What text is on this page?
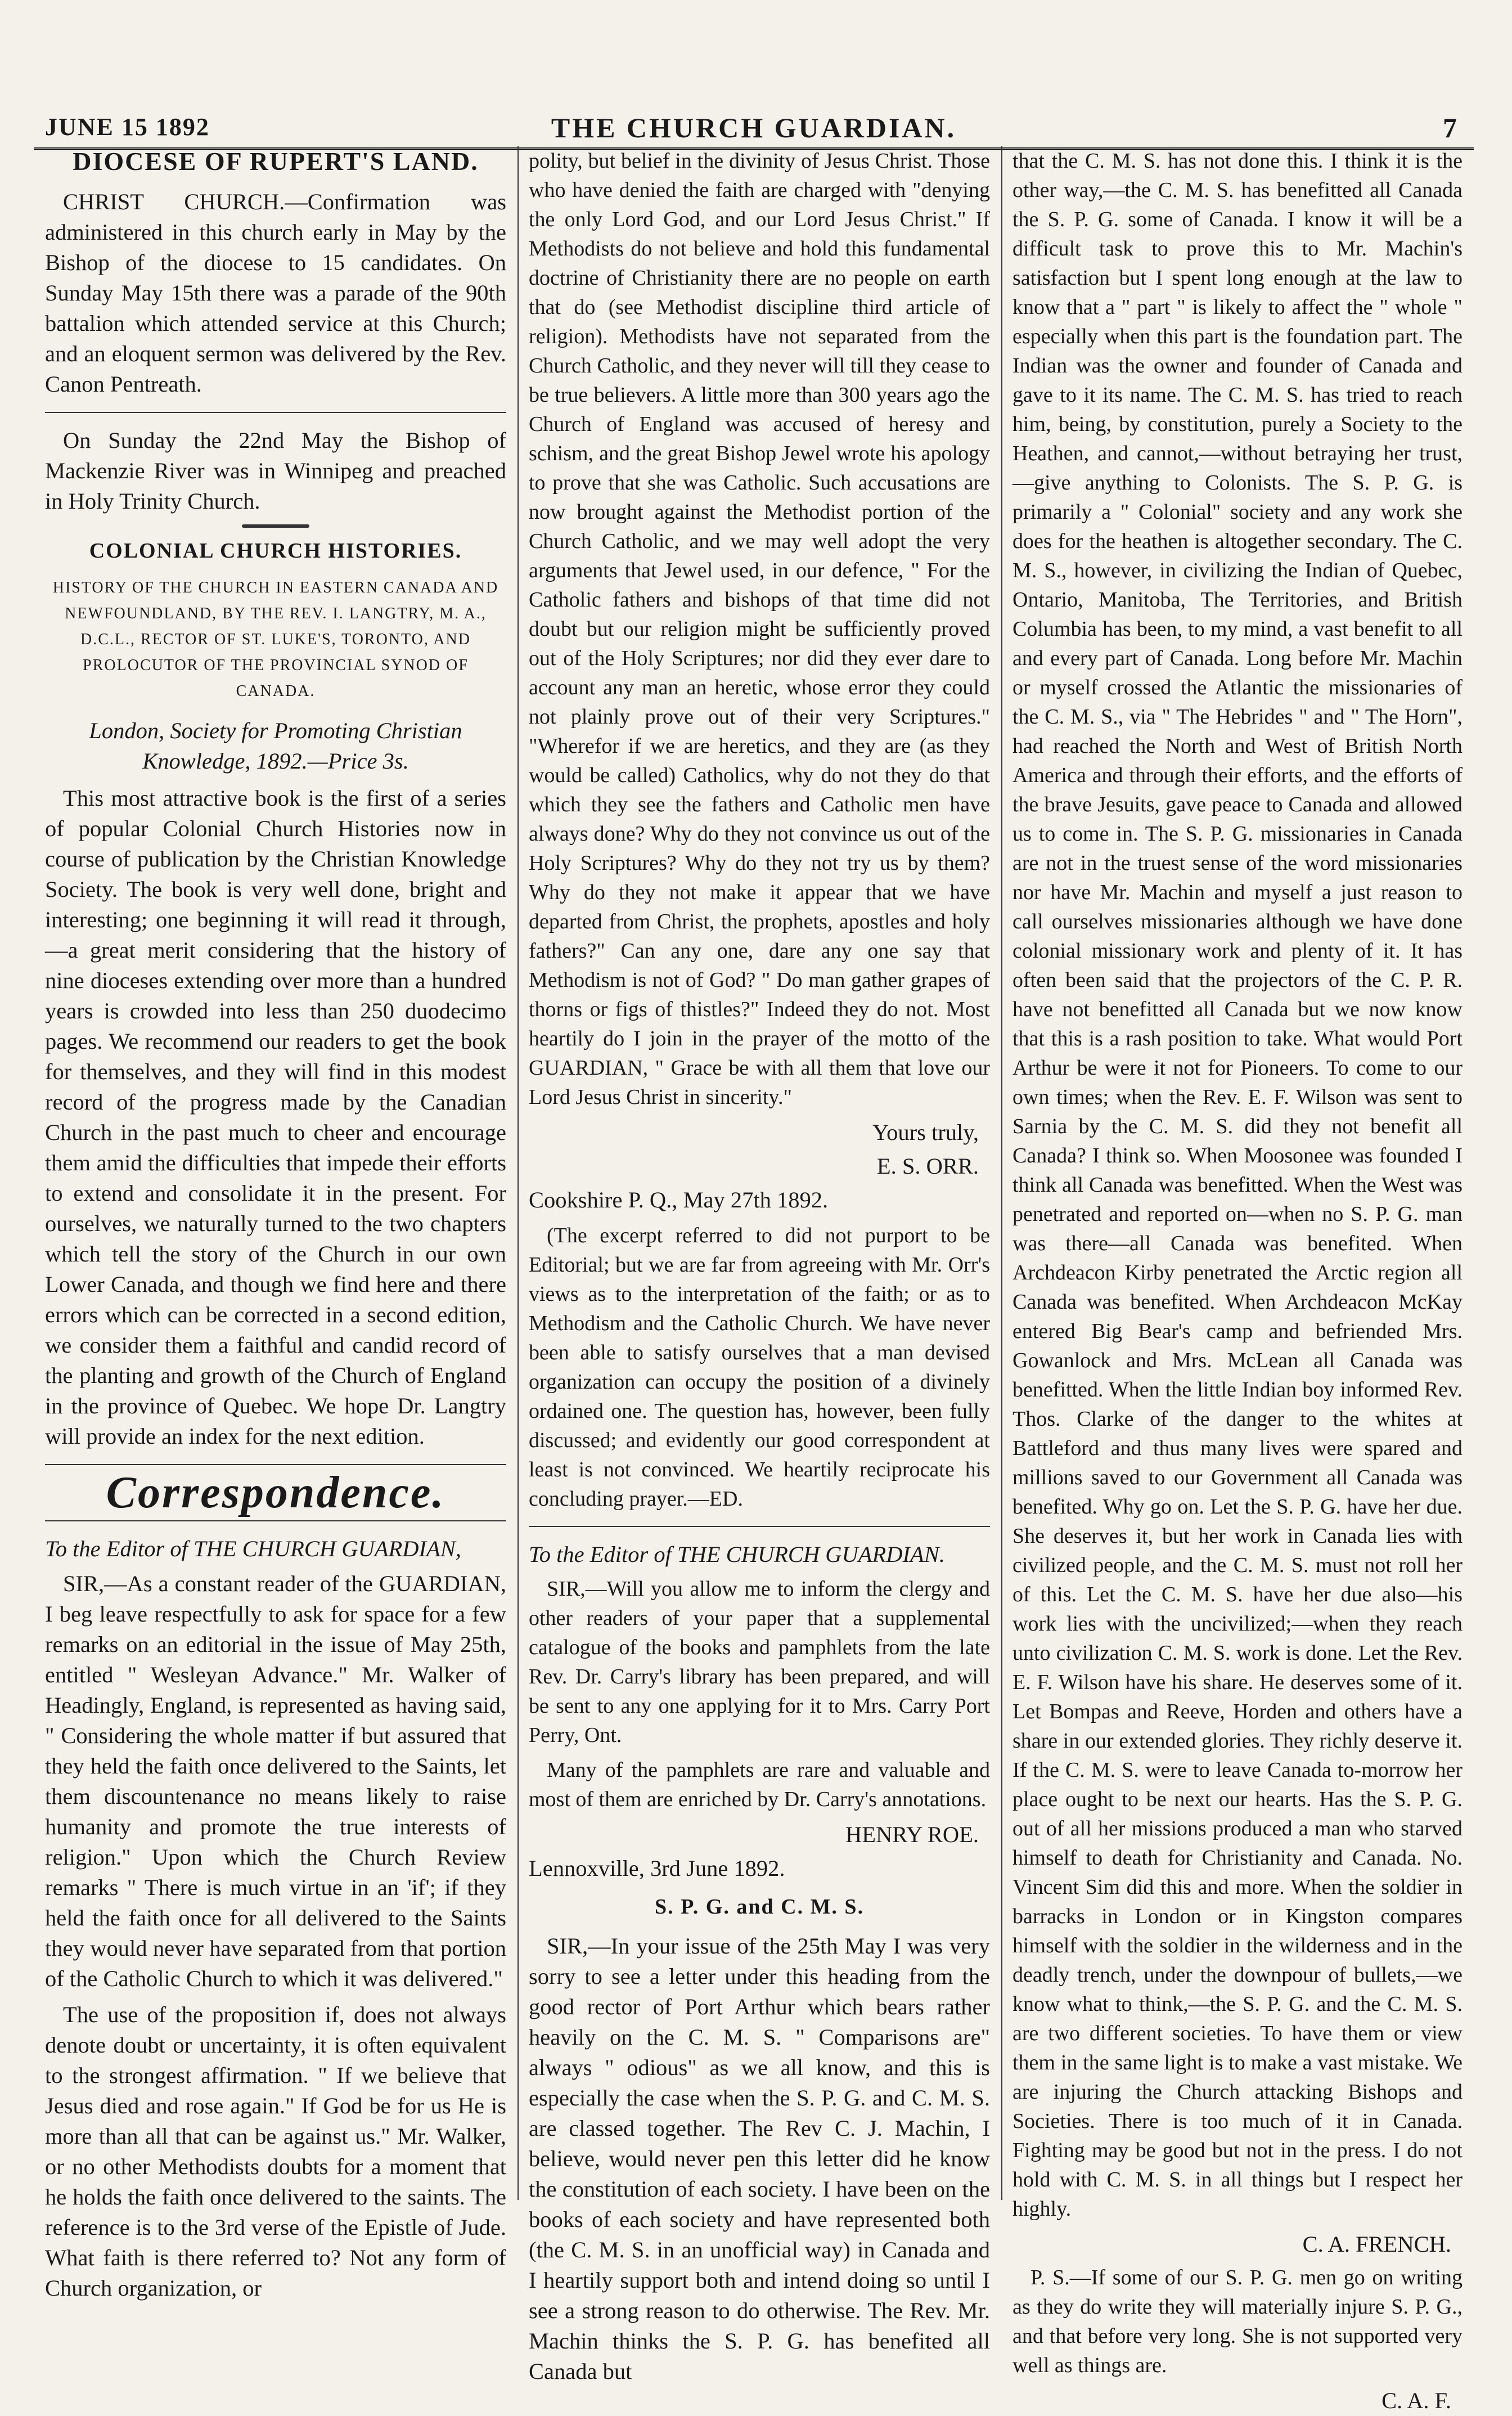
JUNE 15 1892	THE CHURCH GUARDIAN.	7
DIOCESE OF RUPERT'S LAND.

CHRIST CHURCH.—Confirmation was administered in this church early in May by the Bishop of the diocese to 15 candidates. On Sunday May 15th there was a parade of the 90th battalion which attended service at this Church; and an eloquent sermon was delivered by the Rev. Canon Pentreath.

On Sunday the 22nd May the Bishop of Mackenzie River was in Winnipeg and preached in Holy Trinity Church.

COLONIAL CHURCH HISTORIES.

HISTORY OF THE CHURCH IN EASTERN CANADA AND NEWFOUNDLAND, BY THE REV. I. LANGTRY, M. A., D.C.L., RECTOR OF ST. LUKE'S, TORONTO, AND PROLOCUTOR OF THE PROVINCIAL SYNOD OF CANADA.

London, Society for Promoting Christian Knowledge, 1892.—Price 3s.

This most attractive book is the first of a series of popular Colonial Church Histories now in course of publication by the Christian Knowledge Society. The book is very well done, bright and interesting; one beginning it will read it through,—a great merit considering that the history of nine dioceses extending over more than a hundred years is crowded into less than 250 duodecimo pages. We recommend our readers to get the book for themselves, and they will find in this modest record of the progress made by the Canadian Church in the past much to cheer and encourage them amid the difficulties that impede their efforts to extend and consolidate it in the present. For ourselves, we naturally turned to the two chapters which tell the story of the Church in our own Lower Canada, and though we find here and there errors which can be corrected in a second edition, we consider them a faithful and candid record of the planting and growth of the Church of England in the province of Quebec. We hope Dr. Langtry will provide an index for the next edition.

Correspondence.

To the Editor of THE CHURCH GUARDIAN,

SIR,—As a constant reader of the GUARDIAN, I beg leave respectfully to ask for space for a few remarks on an editorial in the issue of May 25th, entitled " Wesleyan Advance." Mr. Walker of Headingly, England, is represented as having said, " Considering the whole matter if but assured that they held the faith once delivered to the Saints, let them discountenance no means likely to raise humanity and promote the true interests of religion." Upon which the Church Review remarks " There is much virtue in an 'if'; if they held the faith once for all delivered to the Saints they would never have separated from that portion of the Catholic Church to which it was delivered."

The use of the proposition if, does not always denote doubt or uncertainty, it is often equivalent to the strongest affirmation. " If we believe that Jesus died and rose again." If God be for us He is more than all that can be against us." Mr. Walker, or no other Methodists doubts for a moment that he holds the faith once delivered to the saints. The reference is to the 3rd verse of the Epistle of Jude. What faith is there referred to? Not any form of Church organization, or

polity, but belief in the divinity of Jesus Christ. Those who have denied the faith are charged with "denying the only Lord God, and our Lord Jesus Christ." If Methodists do not believe and hold this fundamental doctrine of Christianity there are no people on earth that do (see Methodist discipline third article of religion). Methodists have not separated from the Church Catholic, and they never will till they cease to be true believers. A little more than 300 years ago the Church of England was accused of heresy and schism, and the great Bishop Jewel wrote his apology to prove that she was Catholic. Such accusations are now brought against the Methodist portion of the Church Catholic, and we may well adopt the very arguments that Jewel used, in our defence, " For the Catholic fathers and bishops of that time did not doubt but our religion might be sufficiently proved out of the Holy Scriptures; nor did they ever dare to account any man an heretic, whose error they could not plainly prove out of their very Scriptures." "Wherefor if we are heretics, and they are (as they would be called) Catholics, why do not they do that which they see the fathers and Catholic men have always done? Why do they not convince us out of the Holy Scriptures? Why do they not try us by them? Why do they not make it appear that we have departed from Christ, the prophets, apostles and holy fathers?" Can any one, dare any one say that Methodism is not of God? " Do man gather grapes of thorns or figs of thistles?" Indeed they do not. Most heartily do I join in the prayer of the motto of the GUARDIAN, " Grace be with all them that love our Lord Jesus Christ in sincerity."

Yours truly,

E. S. ORR.

Cookshire P. Q., May 27th 1892.

(The excerpt referred to did not purport to be Editorial; but we are far from agreeing with Mr. Orr's views as to the interpretation of the faith; or as to Methodism and the Catholic Church. We have never been able to satisfy ourselves that a man devised organization can occupy the position of a divinely ordained one. The question has, however, been fully discussed; and evidently our good correspondent at least is not convinced. We heartily reciprocate his concluding prayer.—ED.

To the Editor of THE CHURCH GUARDIAN.

SIR,—Will you allow me to inform the clergy and other readers of your paper that a supplemental catalogue of the books and pamphlets from the late Rev. Dr. Carry's library has been prepared, and will be sent to any one applying for it to Mrs. Carry Port Perry, Ont.

Many of the pamphlets are rare and valuable and most of them are enriched by Dr. Carry's annotations.

HENRY ROE.

Lennoxville, 3rd June 1892.

S. P. G. and C. M. S.

SIR,—In your issue of the 25th May I was very sorry to see a letter under this heading from the good rector of Port Arthur which bears rather heavily on the C. M. S. " Comparisons are" always " odious" as we all know, and this is especially the case when the S. P. G. and C. M. S. are classed together. The Rev C. J. Machin, I believe, would never pen this letter did he know the constitution of each society. I have been on the books of each society and have represented both (the C. M. S. in an unofficial way) in Canada and I heartily support both and intend doing so until I see a strong reason to do otherwise. The Rev. Mr. Machin thinks the S. P. G. has benefited all Canada but

that the C. M. S. has not done this. I think it is the other way,—the C. M. S. has benefitted all Canada the S. P. G. some of Canada. I know it will be a difficult task to prove this to Mr. Machin's satisfaction but I spent long enough at the law to know that a " part " is likely to affect the " whole " especially when this part is the foundation part. The Indian was the owner and founder of Canada and gave to it its name. The C. M. S. has tried to reach him, being, by constitution, purely a Society to the Heathen, and cannot,—without betraying her trust,—give anything to Colonists. The S. P. G. is primarily a " Colonial" society and any work she does for the heathen is altogether secondary. The C. M. S., however, in civilizing the Indian of Quebec, Ontario, Manitoba, The Territories, and British Columbia has been, to my mind, a vast benefit to all and every part of Canada. Long before Mr. Machin or myself crossed the Atlantic the missionaries of the C. M. S., via " The Hebrides " and " The Horn", had reached the North and West of British North America and through their efforts, and the efforts of the brave Jesuits, gave peace to Canada and allowed us to come in. The S. P. G. missionaries in Canada are not in the truest sense of the word missionaries nor have Mr. Machin and myself a just reason to call ourselves missionaries although we have done colonial missionary work and plenty of it. It has often been said that the projectors of the C. P. R. have not benefitted all Canada but we now know that this is a rash position to take. What would Port Arthur be were it not for Pioneers. To come to our own times; when the Rev. E. F. Wilson was sent to Sarnia by the C. M. S. did they not benefit all Canada? I think so. When Moosonee was founded I think all Canada was benefitted. When the West was penetrated and reported on—when no S. P. G. man was there—all Canada was benefited. When Archdeacon Kirby penetrated the Arctic region all Canada was benefited. When Archdeacon McKay entered Big Bear's camp and befriended Mrs. Gowanlock and Mrs. McLean all Canada was benefitted. When the little Indian boy informed Rev. Thos. Clarke of the danger to the whites at Battleford and thus many lives were spared and millions saved to our Government all Canada was benefited. Why go on. Let the S. P. G. have her due. She deserves it, but her work in Canada lies with civilized people, and the C. M. S. must not roll her of this. Let the C. M. S. have her due also—his work lies with the uncivilized;—when they reach unto civilization C. M. S. work is done. Let the Rev. E. F. Wilson have his share. He deserves some of it. Let Bompas and Reeve, Horden and others have a share in our extended glories. They richly deserve it. If the C. M. S. were to leave Canada to-morrow her place ought to be next our hearts. Has the S. P. G. out of all her missions produced a man who starved himself to death for Christianity and Canada. No. Vincent Sim did this and more. When the soldier in barracks in London or in Kingston compares himself with the soldier in the wilderness and in the deadly trench, under the downpour of bullets,—we know what to think,—the S. P. G. and the C. M. S. are two different societies. To have them or view them in the same light is to make a vast mistake. We are injuring the Church attacking Bishops and Societies. There is too much of it in Canada. Fighting may be good but not in the press. I do not hold with C. M. S. in all things but I respect her highly.

C. A. FRENCH.

P. S.—If some of our S. P. G. men go on writing as they do write they will materially injure S. P. G., and that before very long. She is not supported very well as things are.

C. A. F.
